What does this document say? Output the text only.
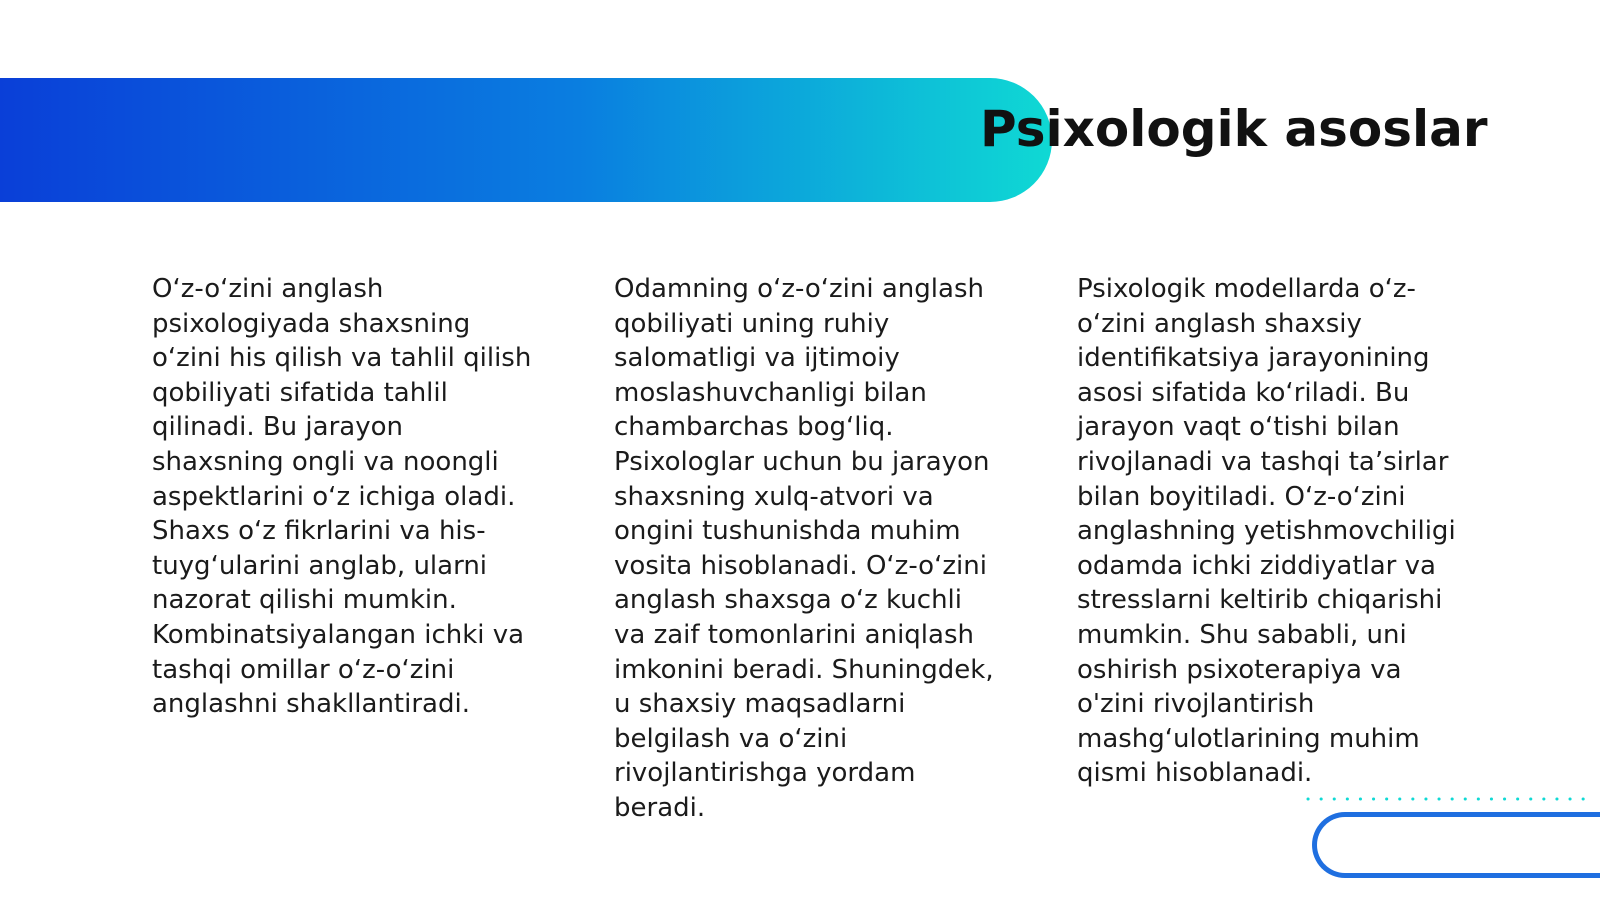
Psixologik asoslar

O‘z-o‘zini anglash psixologiyada shaxsning o‘zini his qilish va tahlil qilish qobiliyati sifatida tahlil qilinadi. Bu jarayon shaxsning ongli va noongli aspektlarini o‘z ichiga oladi. Shaxs o‘z fikrlarini va his-tuyg‘ularini anglab, ularni nazorat qilishi mumkin. Kombinatsiyalangan ichki va tashqi omillar o‘z-o‘zini anglashni shakllantiradi.

Odamning o‘z-o‘zini anglash qobiliyati uning ruhiy salomatligi va ijtimoiy moslashuvchanligi bilan chambarchas bog‘liq. Psixologlar uchun bu jarayon shaxsning xulq-atvori va ongini tushunishda muhim vosita hisoblanadi. O‘z-o‘zini anglash shaxsga o‘z kuchli va zaif tomonlarini aniqlash imkonini beradi. Shuningdek, u shaxsiy maqsadlarni belgilash va o‘zini rivojlantirishga yordam beradi.

Psixologik modellarda o‘z-o‘zini anglash shaxsiy identifikatsiya jarayonining asosi sifatida ko‘riladi. Bu jarayon vaqt o‘tishi bilan rivojlanadi va tashqi ta’sirlar bilan boyitiladi. O‘z-o‘zini anglashning yetishmovchiligi odamda ichki ziddiyatlar va stresslarni keltirib chiqarishi mumkin. Shu sababli, uni oshirish psixoterapiya va o'zini rivojlantirish mashg‘ulotlarining muhim qismi hisoblanadi.
